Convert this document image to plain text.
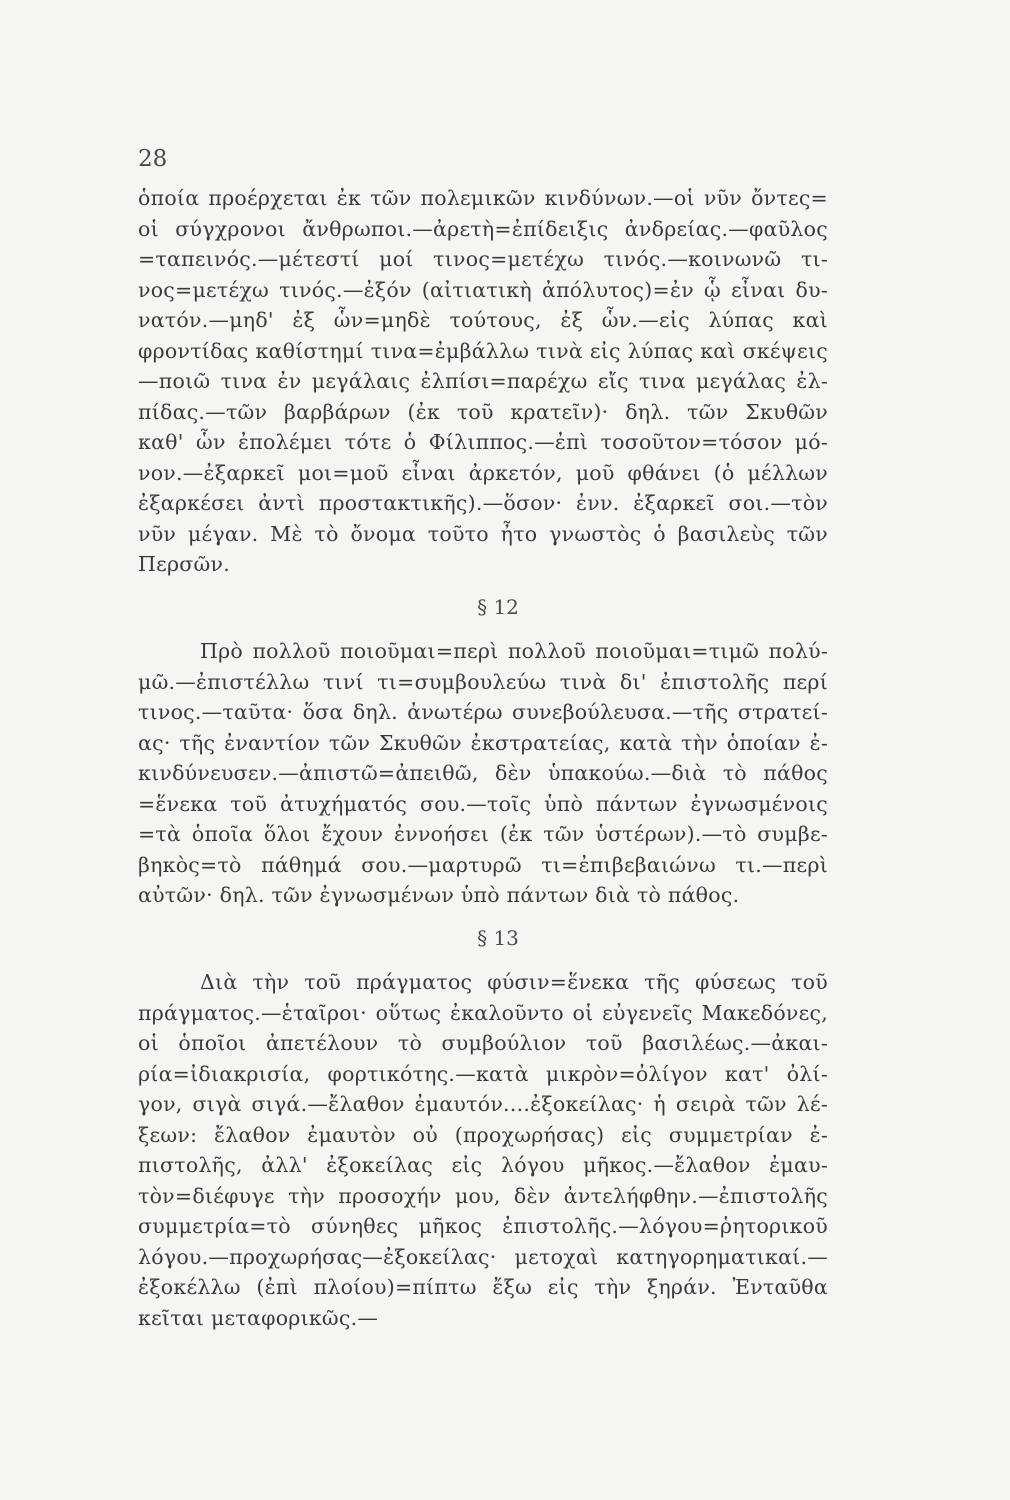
28
ὁποία προέρχεται ἐκ τῶν πολεμικῶν κινδύνων.—οἱ νῦν ὄντες=
οἱ σύγχρονοι ἄνθρωποι.—ἀρετὴ=ἐπίδειξις ἀνδρείας.—φαῦλος
=ταπεινός.—μέτεστί μοί τινος=μετέχω τινός.—κοινωνῶ τι-
νος=μετέχω τινός.—ἐξόν (αἰτιατικὴ ἀπόλυτος)=ἐν ᾧ εἶναι δυ-
νατόν.—μηδ' ἐξ ὧν=μηδὲ τούτους, ἐξ ὧν.—εἰς λύπας καὶ
φροντίδας καθίστημί τινα=ἐμβάλλω τινὰ εἰς λύπας καὶ σκέψεις
—ποιῶ τινα ἐν μεγάλαις ἐλπίσι=παρέχω εἴς τινα μεγάλας ἐλ-
πίδας.—τῶν βαρβάρων (ἐκ τοῦ κρατεῖν)· δηλ. τῶν Σκυθῶν
καθ' ὧν ἐπολέμει τότε ὁ Φίλιππος.—ἐπὶ τοσοῦτον=τόσον μό-
νον.—ἐξαρκεῖ μοι=μοῦ εἶναι ἀρκετόν, μοῦ φθάνει (ὁ μέλλων
ἐξαρκέσει ἀντὶ προστακτικῆς).—ὅσον· ἐνν. ἐξαρκεῖ σοι.—τὸν
νῦν μέγαν. Μὲ τὸ ὄνομα τοῦτο ἦτο γνωστὸς ὁ βασιλεὺς τῶν
Περσῶν.
§ 12
Πρὸ πολλοῦ ποιοῦμαι=περὶ πολλοῦ ποιοῦμαι=τιμῶ πολύ-
μῶ.—ἐπιστέλλω τινί τι=συμβουλεύω τινὰ δι' ἐπιστολῆς περί
τινος.—ταῦτα· ὅσα δηλ. ἀνωτέρω συνεβούλευσα.—τῆς στρατεί-
ας· τῆς ἐναντίον τῶν Σκυθῶν ἐκστρατείας, κατὰ τὴν ὁποίαν ἐ-
κινδύνευσεν.—ἀπιστῶ=ἀπειθῶ, δὲν ὑπακούω.—διὰ τὸ πάθος
=ἕνεκα τοῦ ἀτυχήματός σου.—τοῖς ὑπὸ πάντων ἐγνωσμένοις
=τὰ ὁποῖα ὅλοι ἔχουν ἐννοήσει (ἐκ τῶν ὑστέρων).—τὸ συμβε-
βηκὸς=τὸ πάθημά σου.—μαρτυρῶ τι=ἐπιβεβαιώνω τι.—περὶ
αὐτῶν· δηλ. τῶν ἐγνωσμένων ὑπὸ πάντων διὰ τὸ πάθος.
§ 13
Διὰ τὴν τοῦ πράγματος φύσιν=ἕνεκα τῆς φύσεως τοῦ
πράγματος.—ἑταῖροι· οὕτως ἐκαλοῦντο οἱ εὐγενεῖς Μακεδόνες,
οἱ ὁποῖοι ἀπετέλουν τὸ συμβούλιον τοῦ βασιλέως.—ἀκαι-
ρία=ἰδιακρισία, φορτικότης.—κατὰ μικρὸν=ὀλίγον κατ' ὀλί-
γον, σιγὰ σιγά.—ἔλαθον ἐμαυτόν....ἐξοκείλας· ἡ σειρὰ τῶν λέ-
ξεων: ἔλαθον ἐμαυτὸν οὐ (προχωρήσας) εἰς συμμετρίαν ἐ-
πιστολῆς, ἀλλ' ἐξοκείλας εἰς λόγου μῆκος.—ἔλαθον ἐμαυ-
τὸν=διέφυγε τὴν προσοχήν μου, δὲν ἀντελήφθην.—ἐπιστολῆς
συμμετρία=τὸ σύνηθες μῆκος ἐπιστολῆς.—λόγου=ῥητορικοῦ
λόγου.—προχωρήσας—ἐξοκείλας· μετοχαὶ κατηγορηματικαί.—
ἐξοκέλλω (ἐπὶ πλοίου)=πίπτω ἔξω εἰς τὴν ξηράν. Ἐνταῦθα
κεῖται μεταφορικῶς.—
